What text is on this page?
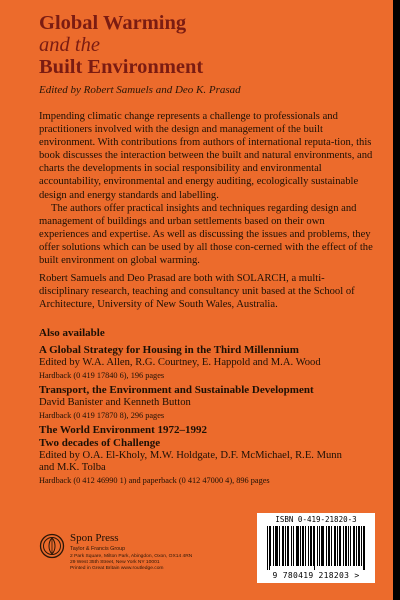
Global Warming
and the
Built Environment
Edited by Robert Samuels and Deo K. Prasad

Impending climatic change represents a challenge to professionals and practitioners involved with the design and management of the built environment. With contributions from authors of international reputa-tion, this book discusses the interaction between the built and natural environments, and charts the developments in social responsibility and environmental accountability, environmental and energy auditing, ecologically sustainable design and energy standards and labelling.

The authors offer practical insights and techniques regarding design and management of buildings and urban settlements based on their own experiences and expertise. As well as discussing the issues and problems, they offer solutions which can be used by all those con-cerned with the effect of the built environment on global warming.

Robert Samuels and Deo Prasad are both with SOLARCH, a multi-disciplinary research, teaching and consultancy unit based at the School of Architecture, University of New South Wales, Australia.
Also available
A Global Strategy for Housing in the Third Millennium
Edited by W.A. Allen, R.G. Courtney, E. Happold and M.A. Wood
Hardback (0 419 17840 6), 196 pages
Transport, the Environment and Sustainable Development
David Banister and Kenneth Button
Hardback (0 419 17870 8), 296 pages
The World Environment 1972–1992
Two decades of Challenge
Edited by O.A. El-Kholy, M.W. Holdgate, D.F. McMichael, R.E. Munn
and M.K. Tolba
Hardback (0 412 46990 1) and paperback (0 412 47000 4), 896 pages
Spon Press
Taylor & Francis Group
2 Park Square, Milton Park, Abingdon, Oxon, OX14 4RN
29 West 35th Street, New York NY 10001
Printed in Great Britain www.routledge.com
ISBN 0-419-21820-3
9 780419 218203 >
